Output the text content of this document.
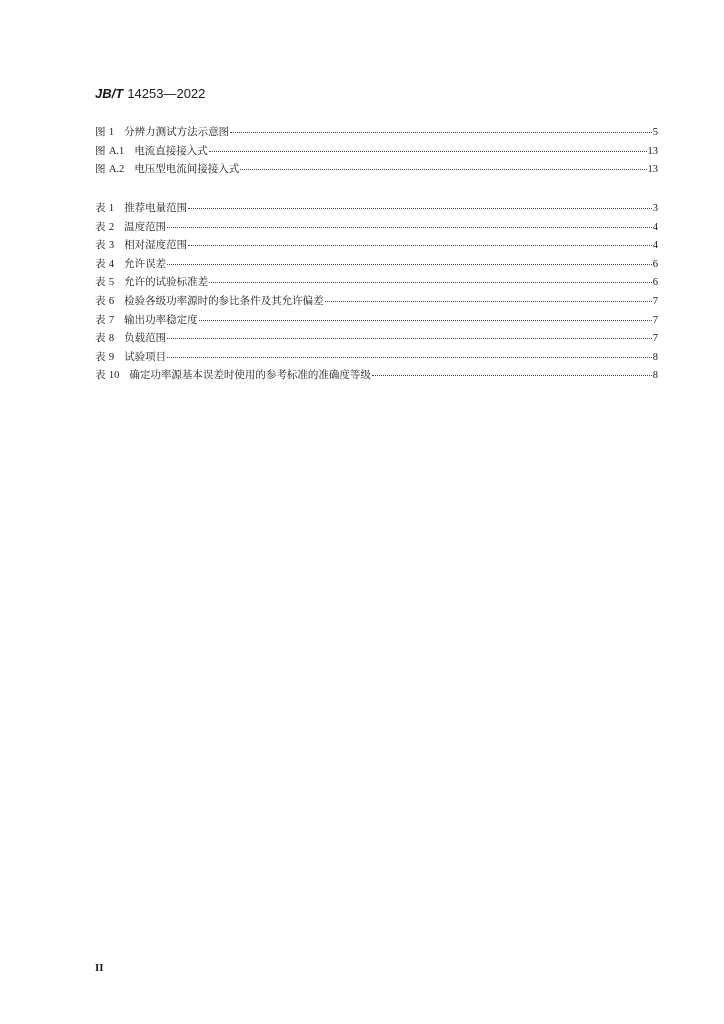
JB/T 14253—2022
图 1 分辨力测试方法示意图	5
图 A.1 电流直接接入式	13
图 A.2 电压型电流间接接入式	13
表 1 推荐电量范围	3
表 2 温度范围	4
表 3 相对湿度范围	4
表 4 允许误差	6
表 5 允许的试验标准差	6
表 6 检验各级功率源时的参比条件及其允许偏差	7
表 7 输出功率稳定度	7
表 8 负载范围	7
表 9 试验项目	8
表 10 确定功率源基本误差时使用的参考标准的准确度等级	8
II
